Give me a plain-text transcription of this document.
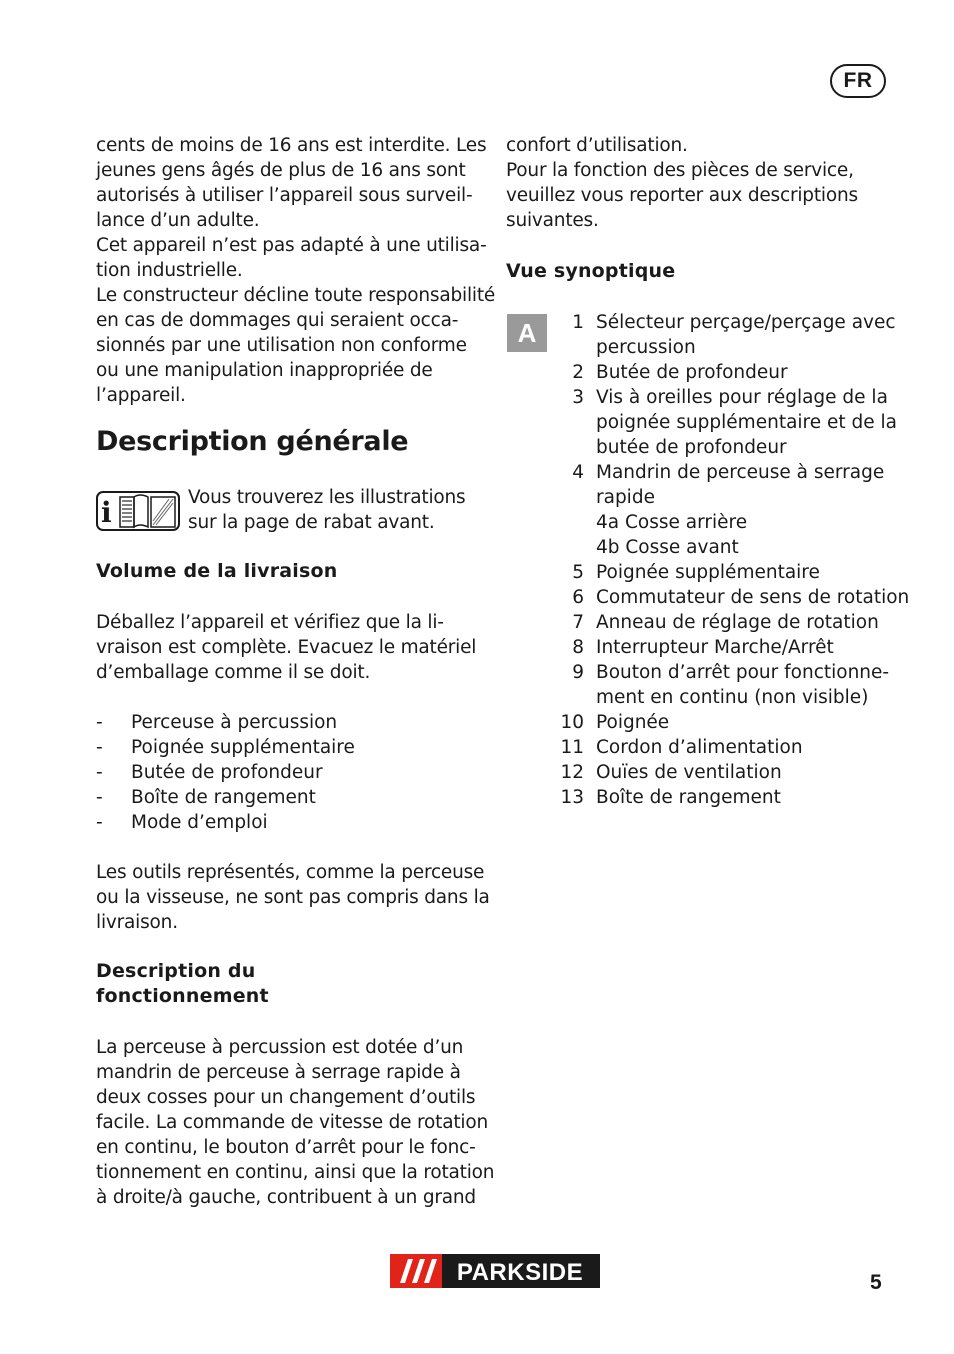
FR
cents de moins de 16 ans est interdite. Les
jeunes gens âgés de plus de 16 ans sont
autorisés à utiliser l’appareil sous surveil-
lance d’un adulte.
Cet appareil n’est pas adapté à une utilisa-
tion industrielle.
Le constructeur décline toute responsabilité
en cas de dommages qui seraient occa-
sionnés par une utilisation non conforme
ou une manipulation inappropriée de
l’appareil.
Description générale
i	Vous trouverez les illustrations
sur la page de rabat avant.
Volume de la livraison
Déballez l’appareil et vérifiez que la li-
vraison est complète. Evacuez le matériel
d’emballage comme il se doit.
- Perceuse à percussion
- Poignée supplémentaire
- Butée de profondeur
- Boîte de rangement
- Mode d’emploi
Les outils représentés, comme la perceuse
ou la visseuse, ne sont pas compris dans la
livraison.
Description du
fonctionnement
La perceuse à percussion est dotée d’un
mandrin de perceuse à serrage rapide à
deux cosses pour un changement d’outils
facile. La commande de vitesse de rotation
en continu, le bouton d’arrêt pour le fonc-
tionnement en continu, ainsi que la rotation
à droite/à gauche, contribuent à un grand
confort d’utilisation.
Pour la fonction des pièces de service,
veuillez vous reporter aux descriptions
suivantes.
Vue synoptique
A	1 Sélecteur perçage/perçage avec
percussion
2 Butée de profondeur
3 Vis à oreilles pour réglage de la
poignée supplémentaire et de la
butée de profondeur
4 Mandrin de perceuse à serrage
rapide
4a Cosse arrière
4b Cosse avant
5 Poignée supplémentaire
6 Commutateur de sens de rotation
7 Anneau de réglage de rotation
8 Interrupteur Marche/Arrêt
9 Bouton d’arrêt pour fonctionne-
ment en continu (non visible)
10 Poignée
11 Cordon d’alimentation
12 Ouïes de ventilation
13 Boîte de rangement
PARKSIDE	5
